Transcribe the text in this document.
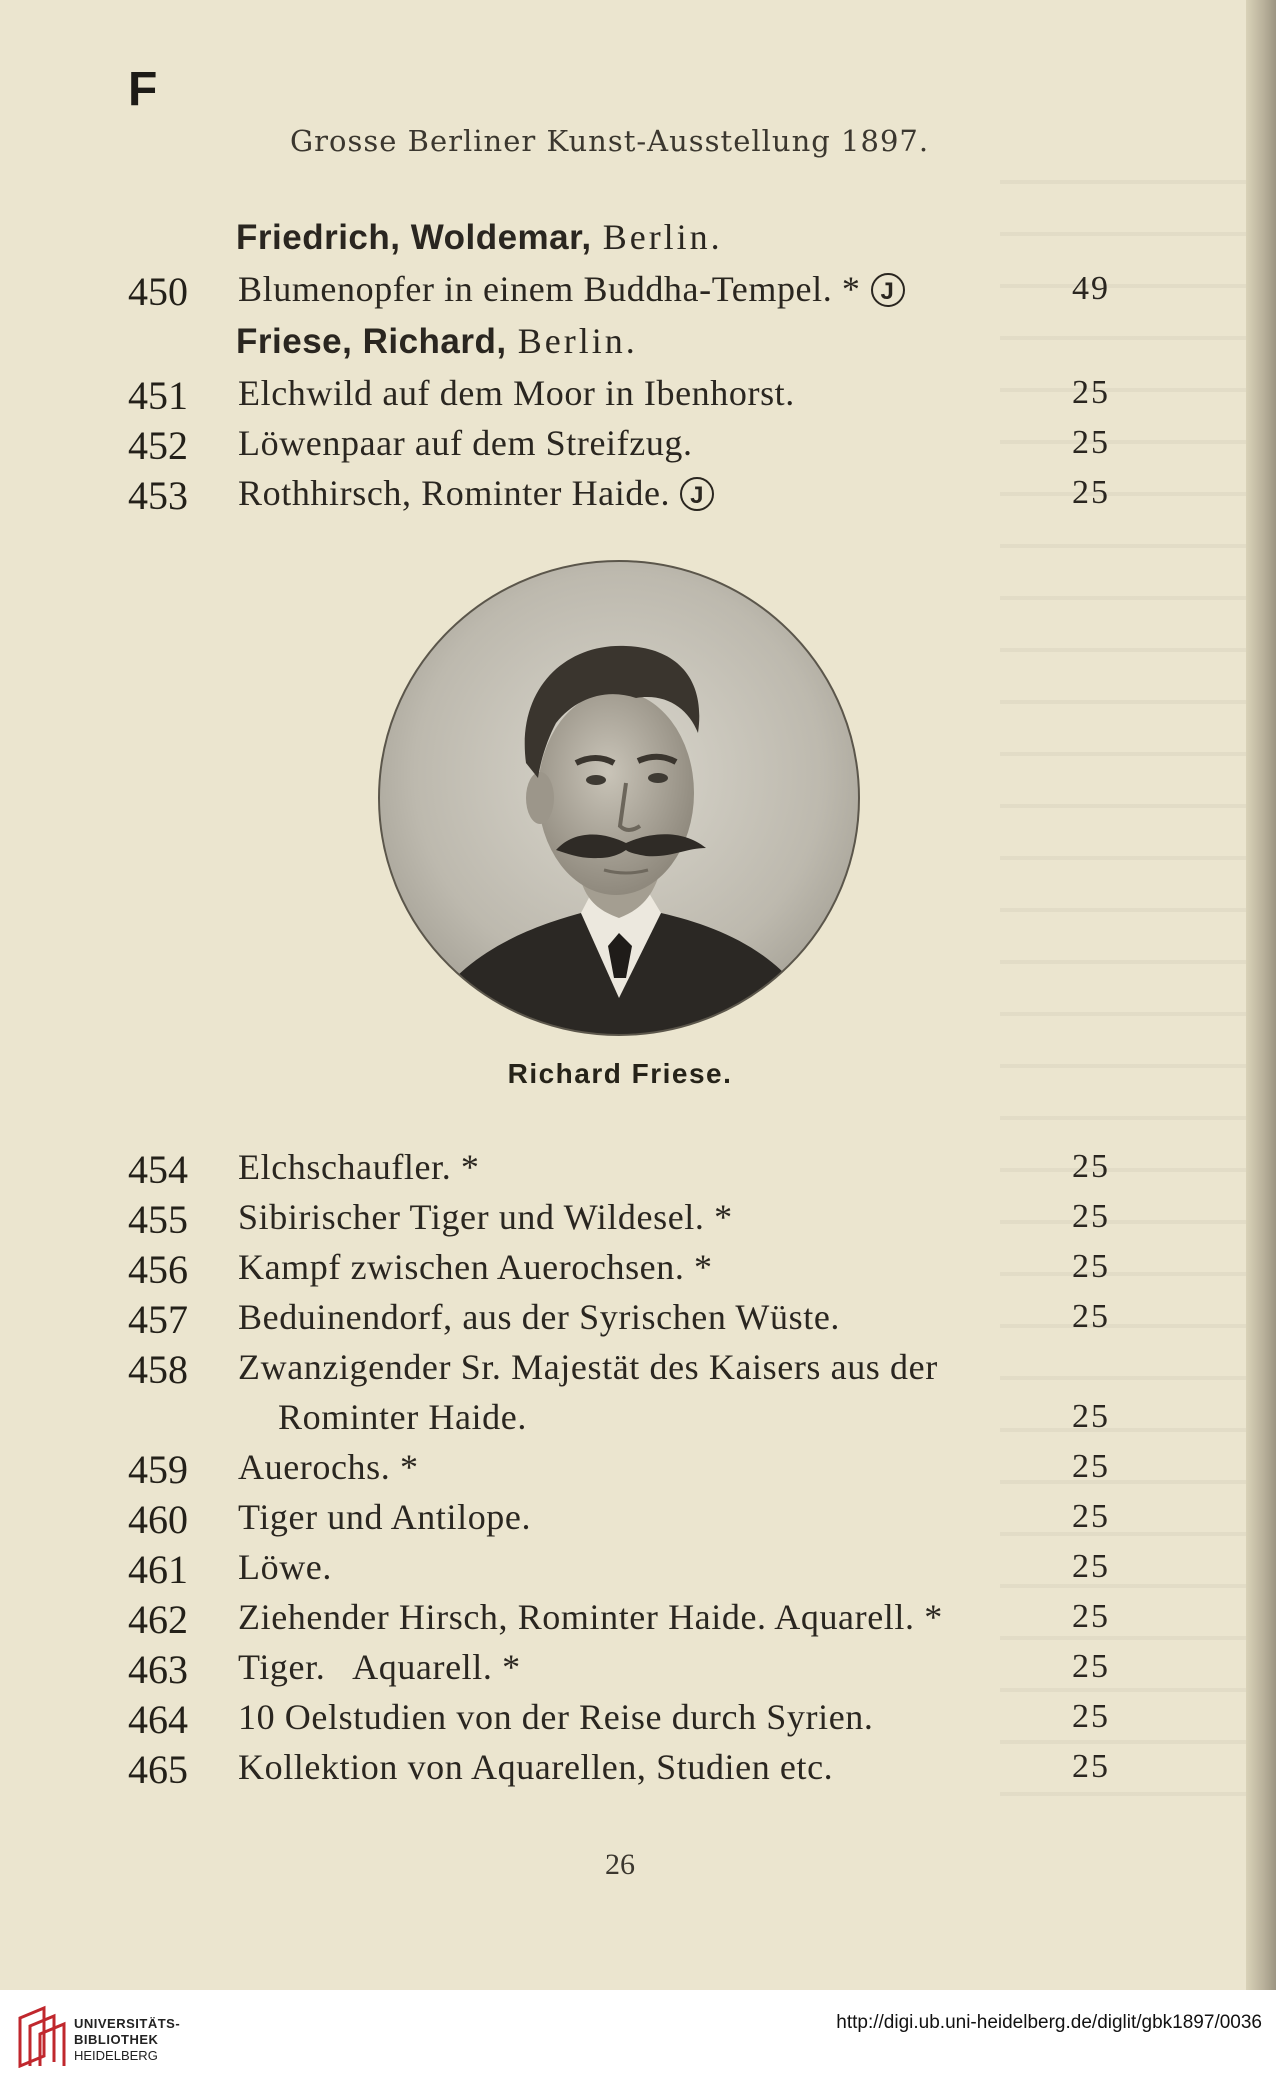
F
Grosse Berliner Kunst-Ausstellung 1897.
Friedrich, Woldemar, Berlin.
450 Blumenopfer in einem Buddha-Tempel. * J	49
Friese, Richard, Berlin.
451 Elchwild auf dem Moor in Ibenhorst.	25
452 Löwenpaar auf dem Streifzug.	25
453 Rothhirsch, Rominter Haide. J	25
Richard Friese.
454 Elchschaufler. *	25
455 Sibirischer Tiger und Wildesel. *	25
456 Kampf zwischen Auerochsen. *	25
457 Beduinendorf, aus der Syrischen Wüste.	25
458 Zwanzigender Sr. Majestät des Kaisers aus der
Rominter Haide.	25
459 Auerochs. *	25
460 Tiger und Antilope.	25
461 Löwe.	25
462 Ziehender Hirsch, Rominter Haide. Aquarell. *	25
463 Tiger.   Aquarell. *	25
464 10 Oelstudien von der Reise durch Syrien.	25
465 Kollektion von Aquarellen, Studien etc.	25
26
UNIVERSITÄTS-
BIBLIOTHEK
HEIDELBERG
http://digi.ub.uni-heidelberg.de/diglit/gbk1897/0036
